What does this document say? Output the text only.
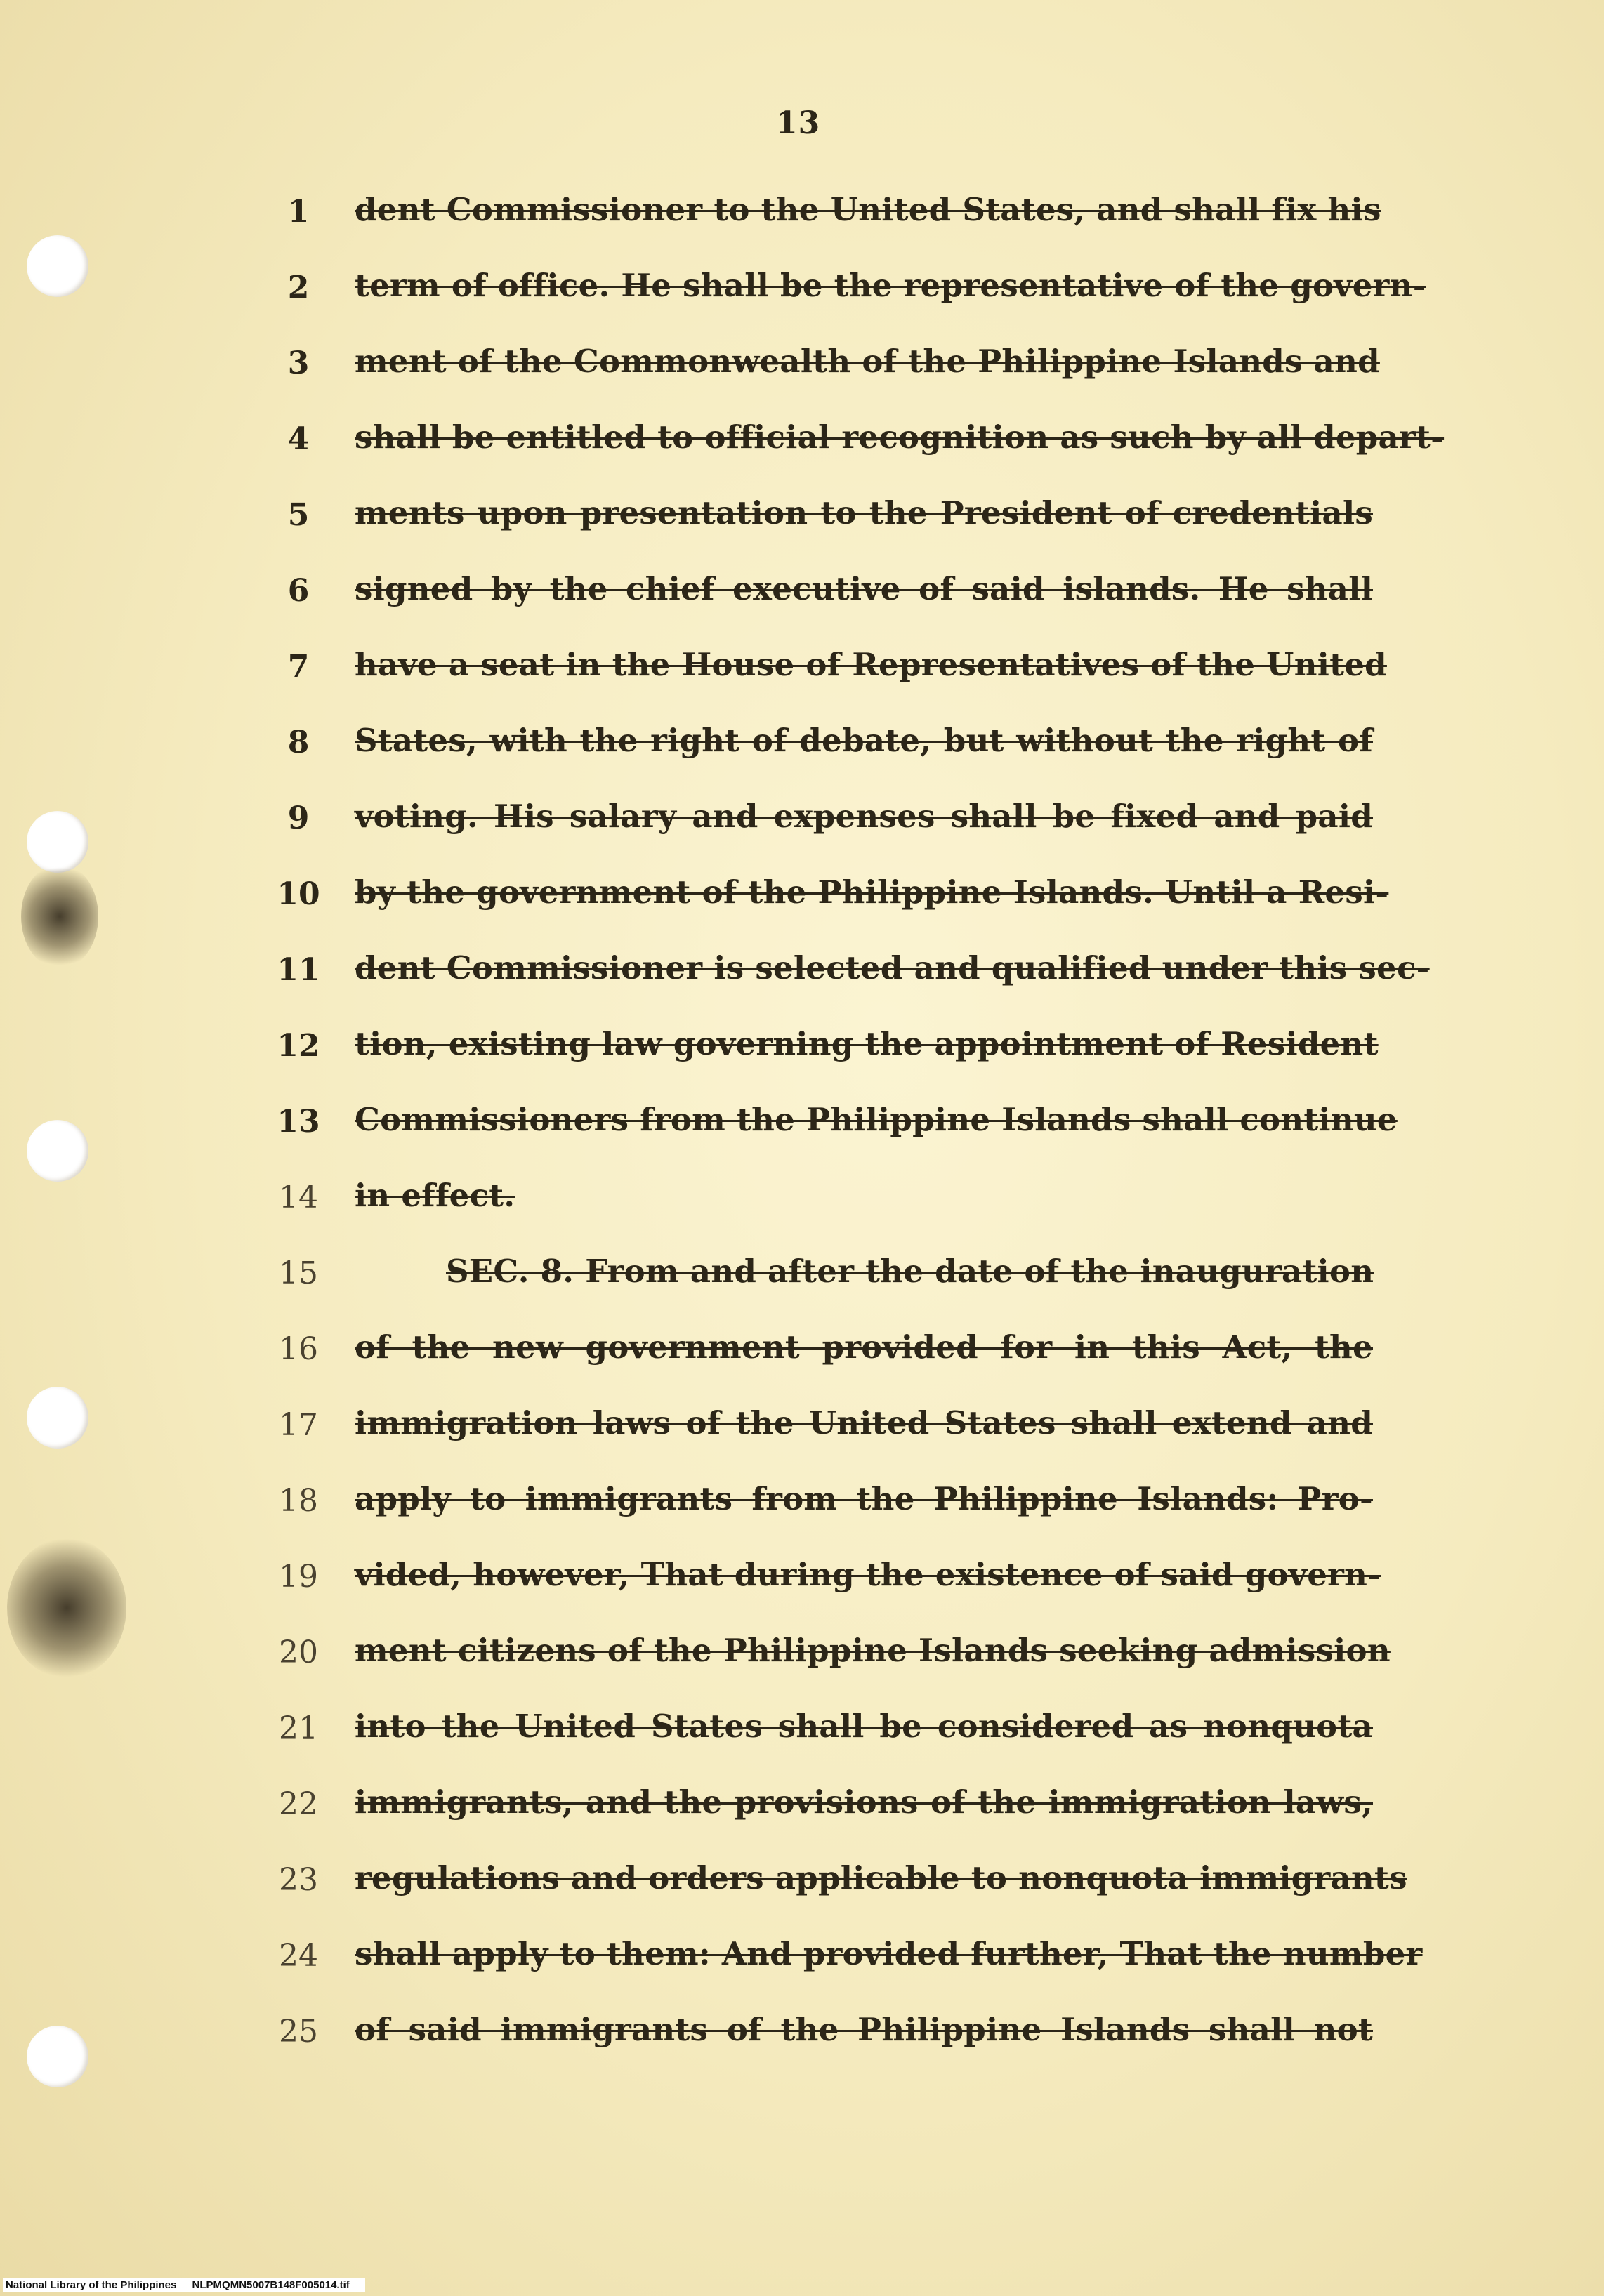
13
1	dent Commissioner to the United States, and shall fix his
2	term of office. He shall be the representative of the govern-
3	ment of the Commonwealth of the Philippine Islands and
4	shall be entitled to official recognition as such by all depart-
5	ments upon presentation to the President of credentials
6	signed by the chief executive of said islands. He shall
7	have a seat in the House of Representatives of the United
8	States, with the right of debate, but without the right of
9	voting. His salary and expenses shall be fixed and paid
10	by the government of the Philippine Islands. Until a Resi-
11	dent Commissioner is selected and qualified under this sec-
12	tion, existing law governing the appointment of Resident
13	Commissioners from the Philippine Islands shall continue
14	in effect.
15	SEC. 8. From and after the date of the inauguration
16	of the new government provided for in this Act, the
17	immigration laws of the United States shall extend and
18	apply to immigrants from the Philippine Islands: Pro-
19	vided, however, That during the existence of said govern-
20	ment citizens of the Philippine Islands seeking admission
21	into the United States shall be considered as nonquota
22	immigrants, and the provisions of the immigration laws,
23	regulations and orders applicable to nonquota immigrants
24	shall apply to them: And provided further, That the number
25	of said immigrants of the Philippine Islands shall not
National Library of the Philippines NLPMQMN5007B148F005014.tif
